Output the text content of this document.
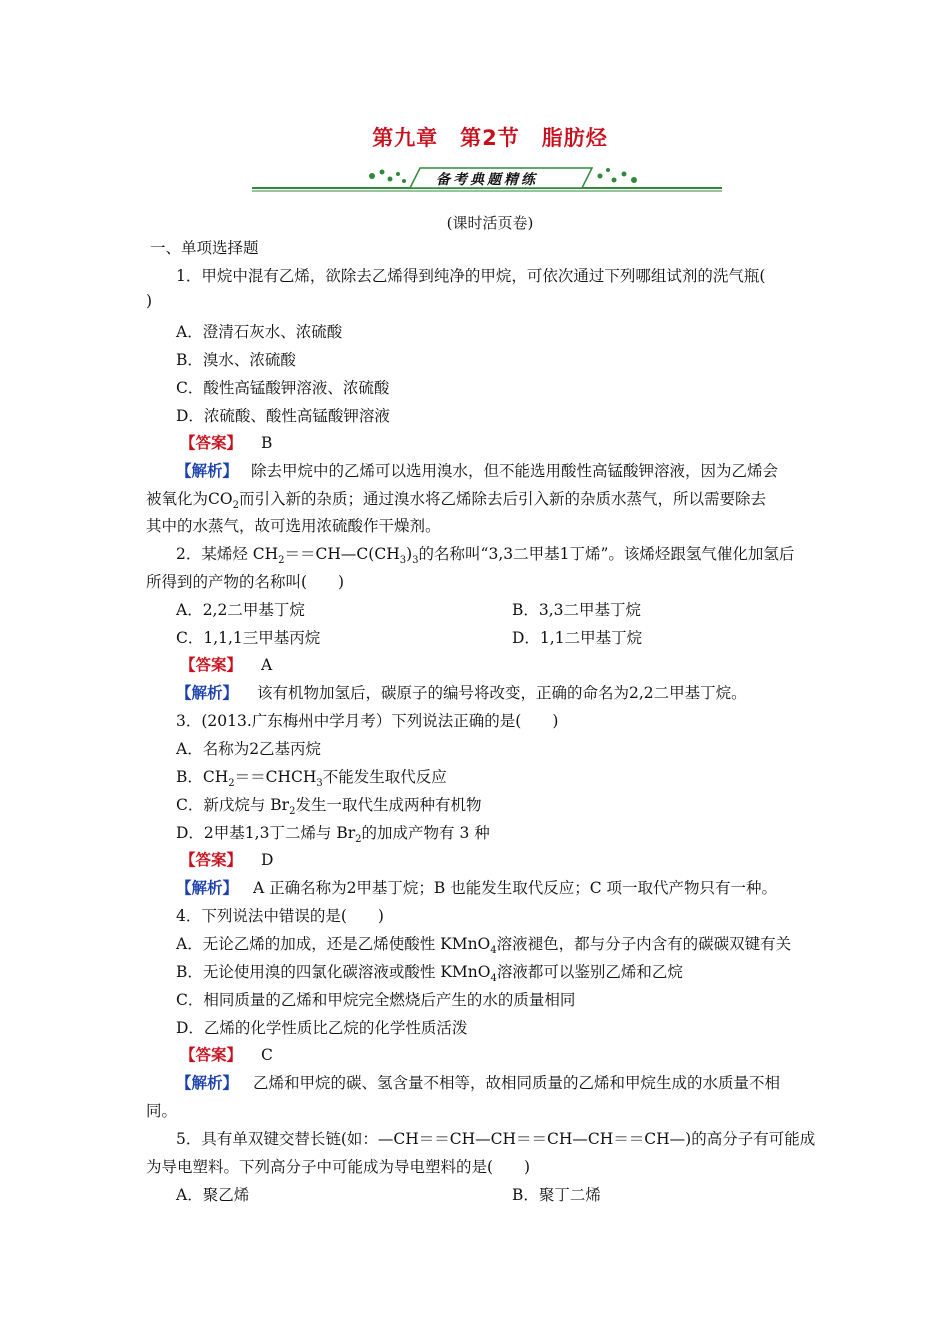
第九章　第2节　脂肪烃
备考典题精练
(课时活页卷)
一、单项选择题
1．甲烷中混有乙烯，欲除去乙烯得到纯净的甲烷，可依次通过下列哪组试剂的洗气瓶(
)
A．澄清石灰水、浓硫酸
B．溴水、浓硫酸
C．酸性高锰酸钾溶液、浓硫酸
D．浓硫酸、酸性高锰酸钾溶液
【答案】 B
【解析】 除去甲烷中的乙烯可以选用溴水，但不能选用酸性高锰酸钾溶液，因为乙烯会
被氧化为$CO_2$而引入新的杂质；通过溴水将乙烯除去后引入新的杂质水蒸气，所以需要除去
其中的水蒸气，故可选用浓硫酸作干燥剂。
2．某烯烃 $CH_2==CH—C(CH_3)_3$的名称叫“3,3二甲基1丁烯”。该烯烃跟氢气催化加氢后
所得到的产物的名称叫(　　)
A．2,2二甲基丁烷	B．3,3二甲基丁烷
C．1,1,1三甲基丙烷	D．1,1二甲基丁烷
【答案】 A
【解析】 该有机物加氢后，碳原子的编号将改变，正确的命名为2,2二甲基丁烷。
3．(2013.广东梅州中学月考）下列说法正确的是(　　)
A．名称为2乙基丙烷
B．$CH_2==CHCH_3$不能发生取代反应
C．新戊烷与 $Br_2$发生一取代生成两种有机物
D．2甲基1,3丁二烯与 $Br_2$的加成产物有 3 种
【答案】 D
【解析】 A 正确名称为2甲基丁烷；B 也能发生取代反应；C 项一取代产物只有一种。
4．下列说法中错误的是(　　)
A．无论乙烯的加成，还是乙烯使酸性 KMnO$_4$溶液褪色，都与分子内含有的碳碳双键有关
B．无论使用溴的四氯化碳溶液或酸性 KMnO$_4$溶液都可以鉴别乙烯和乙烷
C．相同质量的乙烯和甲烷完全燃烧后产生的水的质量相同
D．乙烯的化学性质比乙烷的化学性质活泼
【答案】 C
【解析】 乙烯和甲烷的碳、氢含量不相等，故相同质量的乙烯和甲烷生成的水质量不相
同。
5．具有单双键交替长链(如：—CH＝＝CH—CH＝＝CH—CH＝＝CH—)的高分子有可能成
为导电塑料。下列高分子中可能成为导电塑料的是(　　)
A．聚乙烯	B．聚丁二烯
